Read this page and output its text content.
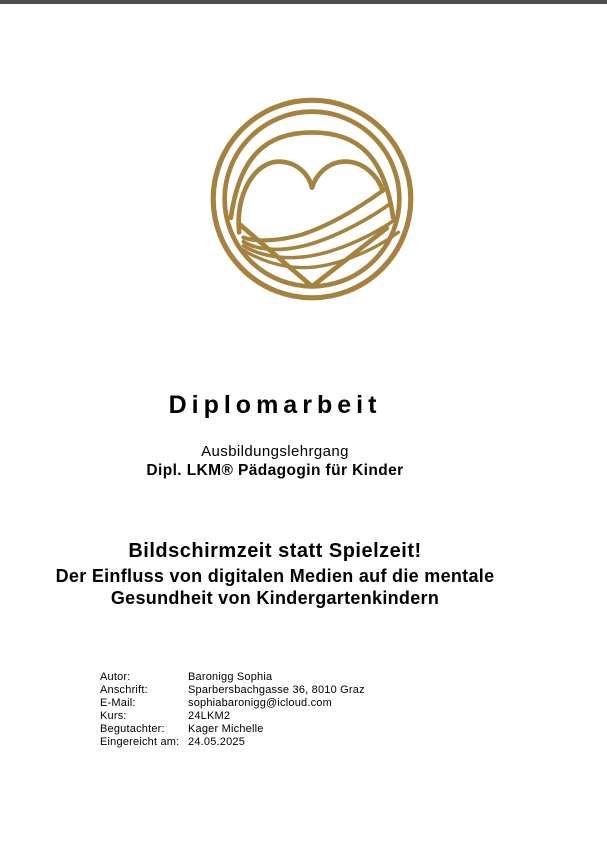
Diplomarbeit
Ausbildungslehrgang
Dipl. LKM® Pädagogin für Kinder
Bildschirmzeit statt Spielzeit!
Der Einfluss von digitalen Medien auf die mentale
Gesundheit von Kindergartenkindern
Autor:	Baronigg Sophia
Anschrift:	Sparbersbachgasse 36, 8010 Graz
E-Mail:	sophiabaronigg@icloud.com
Kurs:	24LKM2
Begutachter:	Kager Michelle
Eingereicht am:	24.05.2025
